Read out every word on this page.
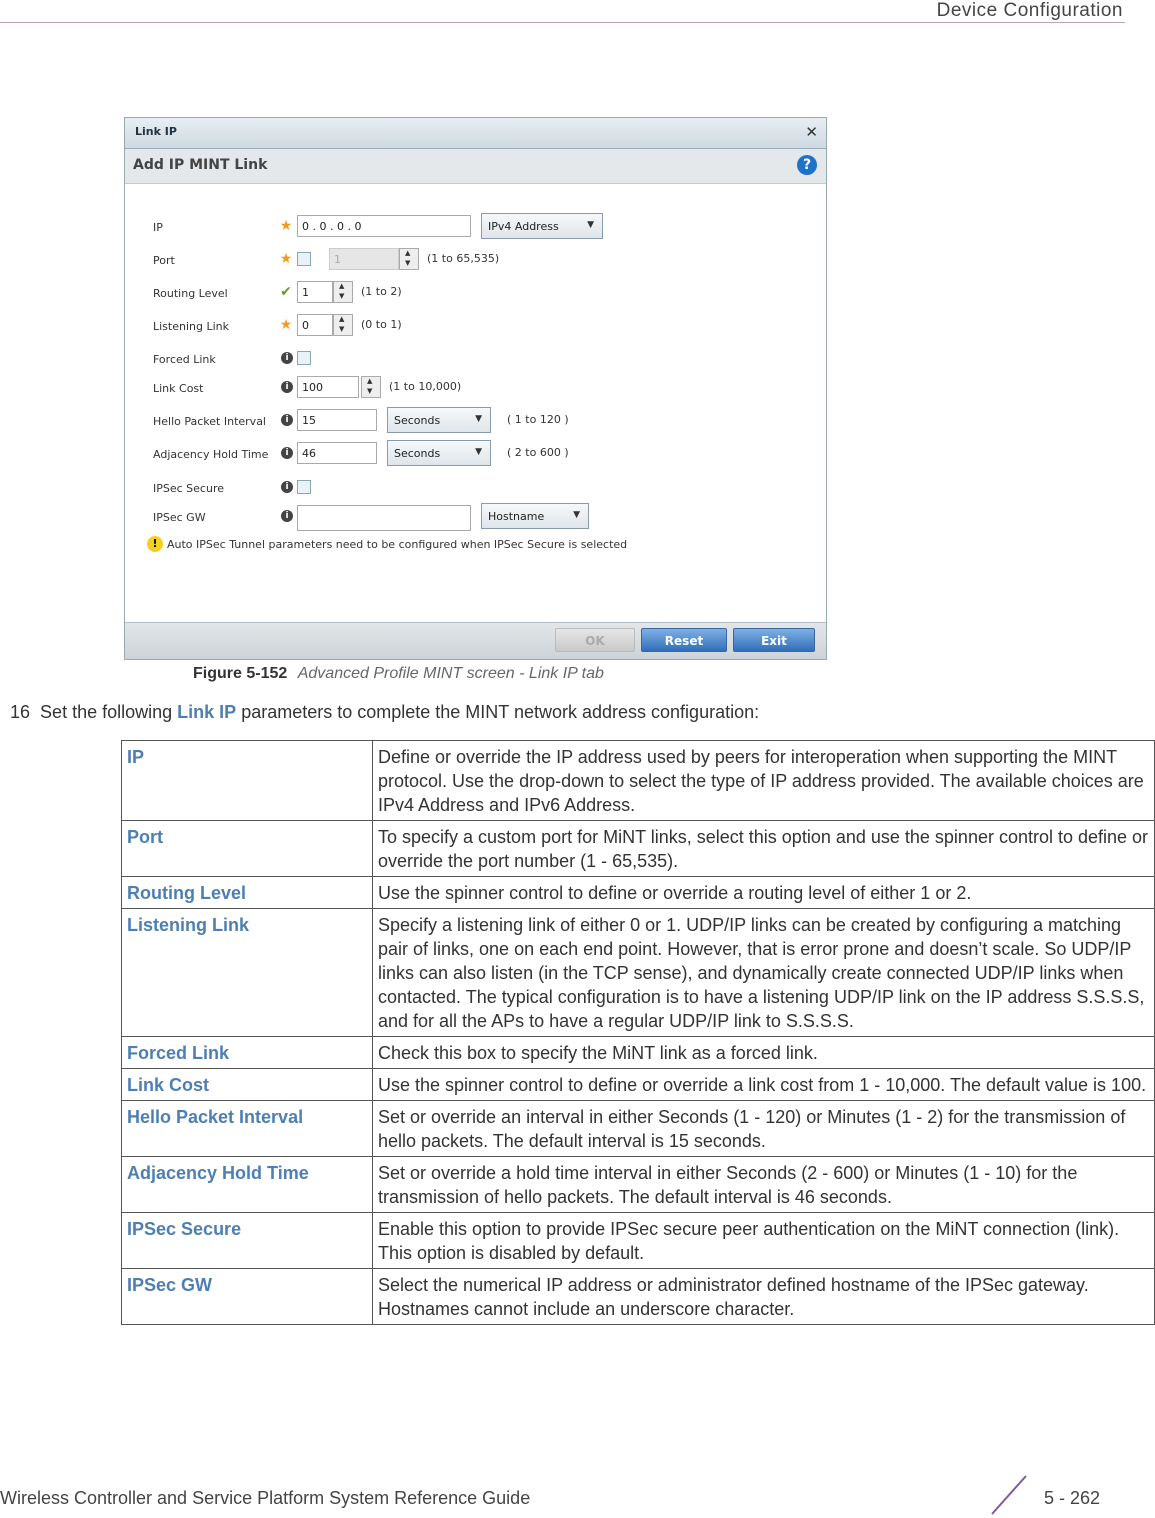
Device Configuration
Link IP	✕
Add IP MINT Link	?
IP	★ 0 . 0 . 0 . 0	IPv4 Address ▼
Port	★	1 ▲ ▼	(1 to 65,535)
Routing Level	✔ 1 ▲ ▼	(1 to 2)
Listening Link	★ 0 ▲ ▼	(0 to 1)
Forced Link	i
Link Cost	i	100 ▲ ▼	(1 to 10,000)
Hello Packet Interval	i	15	Seconds ▼	( 1 to 120 )
Adjacency Hold Time	i	46	Seconds ▼	( 2 to 600 )
IPSec Secure	i
IPSec GW	i	Hostname ▼
! Auto IPSec Tunnel parameters need to be configured when IPSec Secure is selected
OK	Reset	Exit
Figure 5-152 Advanced Profile MINT screen - Link IP tab
16 Set the following Link IP parameters to complete the MINT network address configuration:
IP	Define or override the IP address used by peers for interoperation when supporting the MINT protocol. Use the drop-down to select the type of IP address provided. The available choices are IPv4 Address and IPv6 Address.
Port	To specify a custom port for MiNT links, select this option and use the spinner control to define or override the port number (1 - 65,535).
Routing Level	Use the spinner control to define or override a routing level of either 1 or 2.
Listening Link	Specify a listening link of either 0 or 1. UDP/IP links can be created by configuring a matching pair of links, one on each end point. However, that is error prone and doesn’t scale. So UDP/IP links can also listen (in the TCP sense), and dynamically create connected UDP/IP links when contacted. The typical configuration is to have a listening UDP/IP link on the IP address S.S.S.S, and for all the APs to have a regular UDP/IP link to S.S.S.S.
Forced Link	Check this box to specify the MiNT link as a forced link.
Link Cost	Use the spinner control to define or override a link cost from 1 - 10,000. The default value is 100.
Hello Packet Interval	Set or override an interval in either Seconds (1 - 120) or Minutes (1 - 2) for the transmission of hello packets. The default interval is 15 seconds.
Adjacency Hold Time	Set or override a hold time interval in either Seconds (2 - 600) or Minutes (1 - 10) for the transmission of hello packets. The default interval is 46 seconds.
IPSec Secure	Enable this option to provide IPSec secure peer authentication on the MiNT connection (link). This option is disabled by default.
IPSec GW	Select the numerical IP address or administrator defined hostname of the IPSec gateway. Hostnames cannot include an underscore character.
Wireless Controller and Service Platform System Reference Guide	5 - 262
